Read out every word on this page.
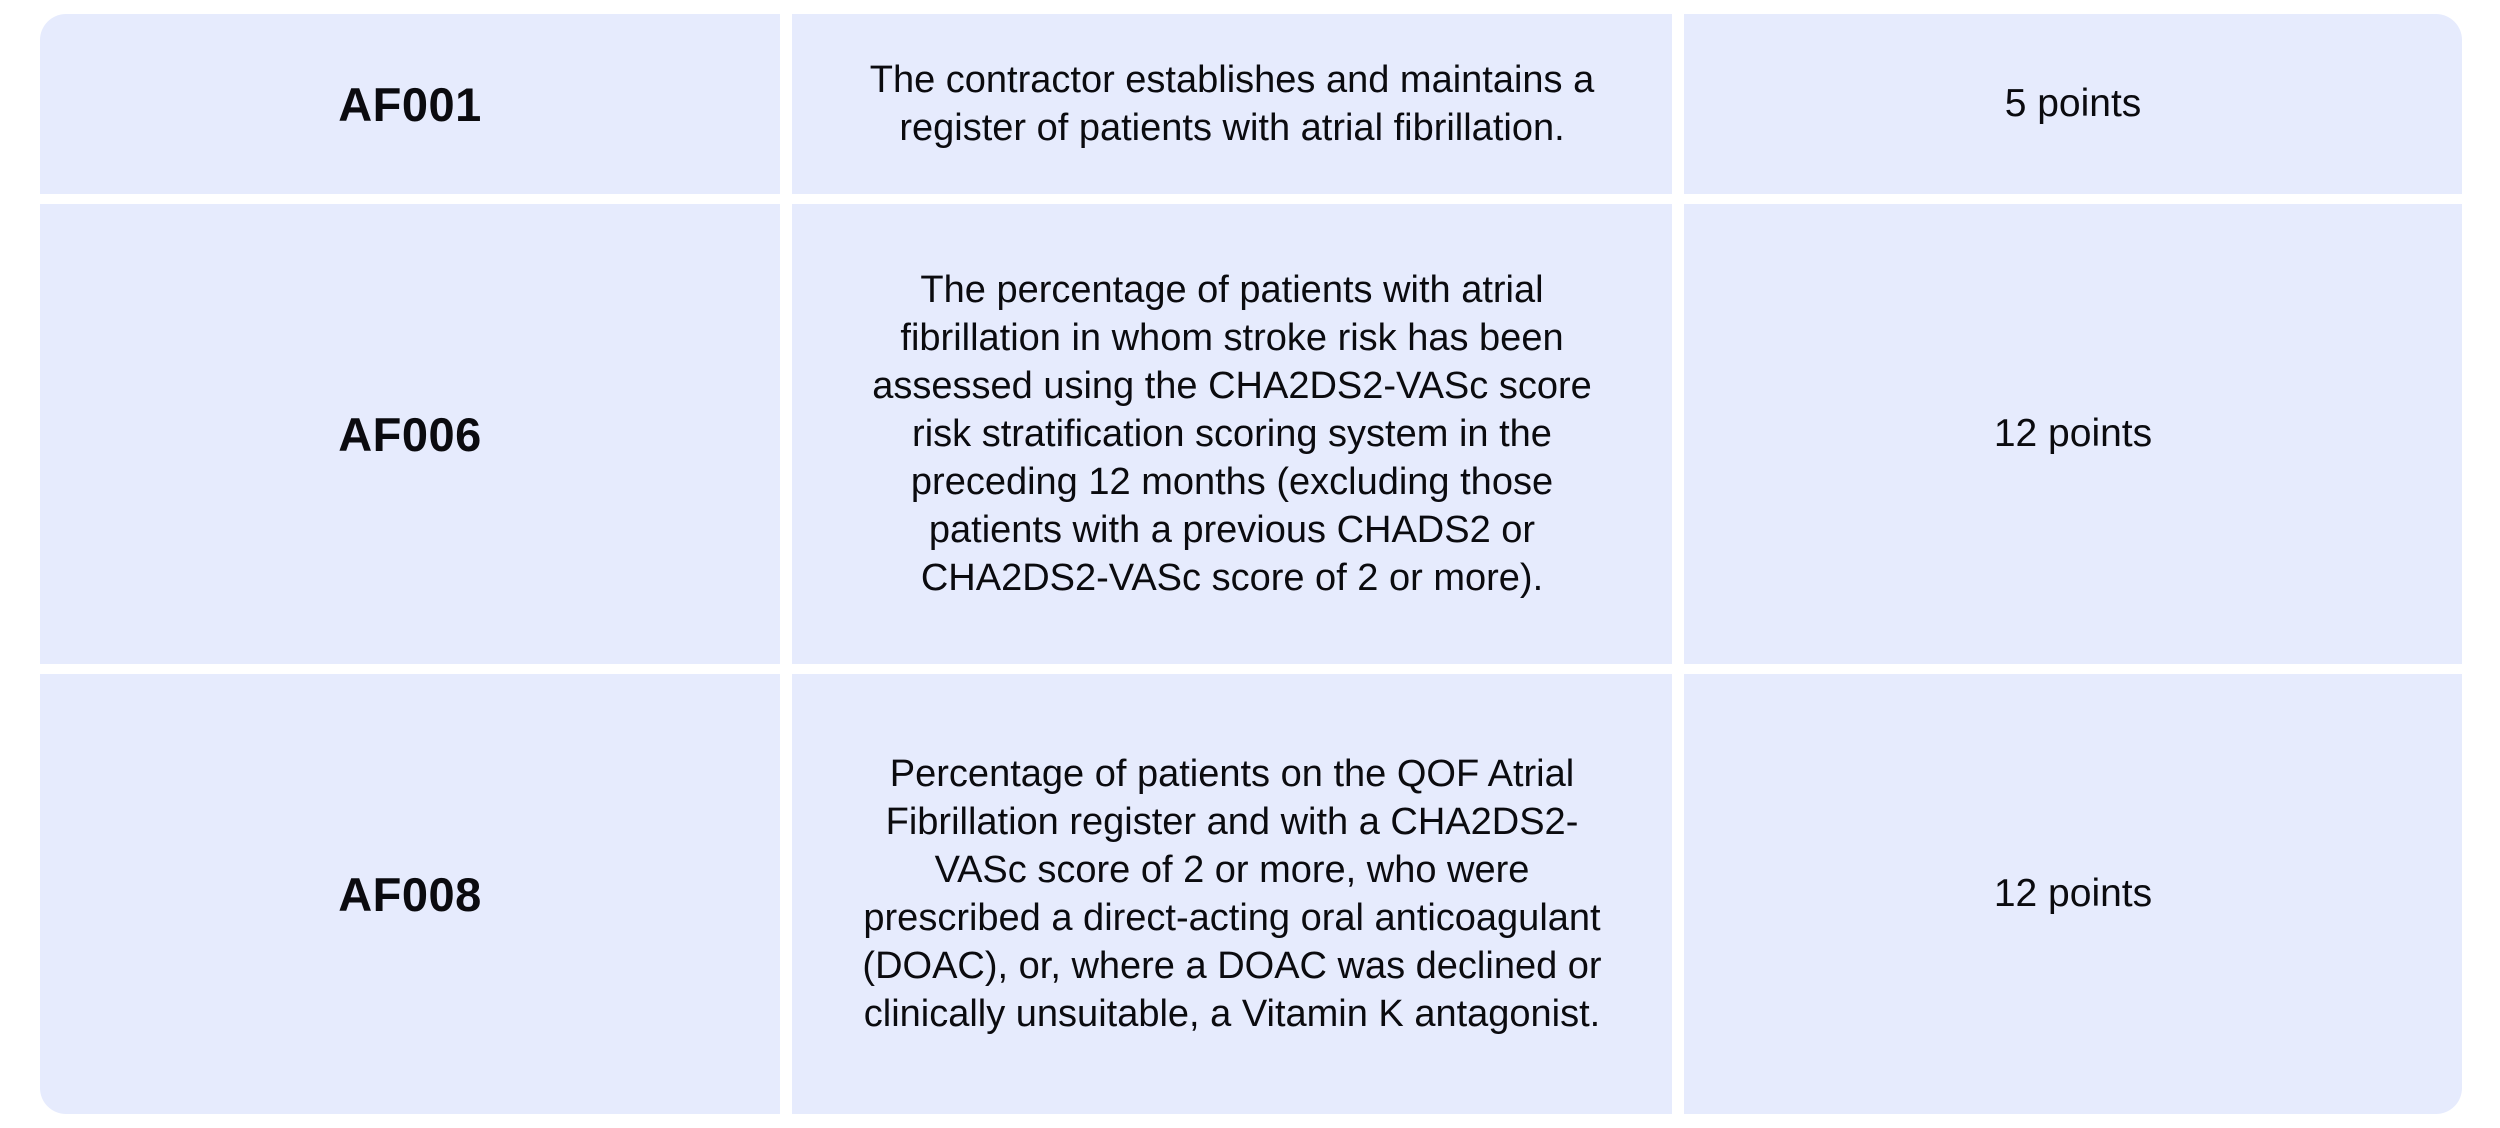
AF001	The contractor establishes and maintains a register of patients with atrial fibrillation.
5 points
AF006
The percentage of patients with atrial fibrillation in whom stroke risk has been assessed using the CHA2DS2-VASc score risk stratification scoring system in the preceding 12 months (excluding those patients with a previous CHADS2 or CHA2DS2-VASc score of 2 or more).
12 points
AF008
Percentage of patients on the QOF Atrial Fibrillation register and with a CHA2DS2-VASc score of 2 or more, who were prescribed a direct-acting oral anticoagulant (DOAC), or, where a DOAC was declined or clinically unsuitable, a Vitamin K antagonist.
12 points
